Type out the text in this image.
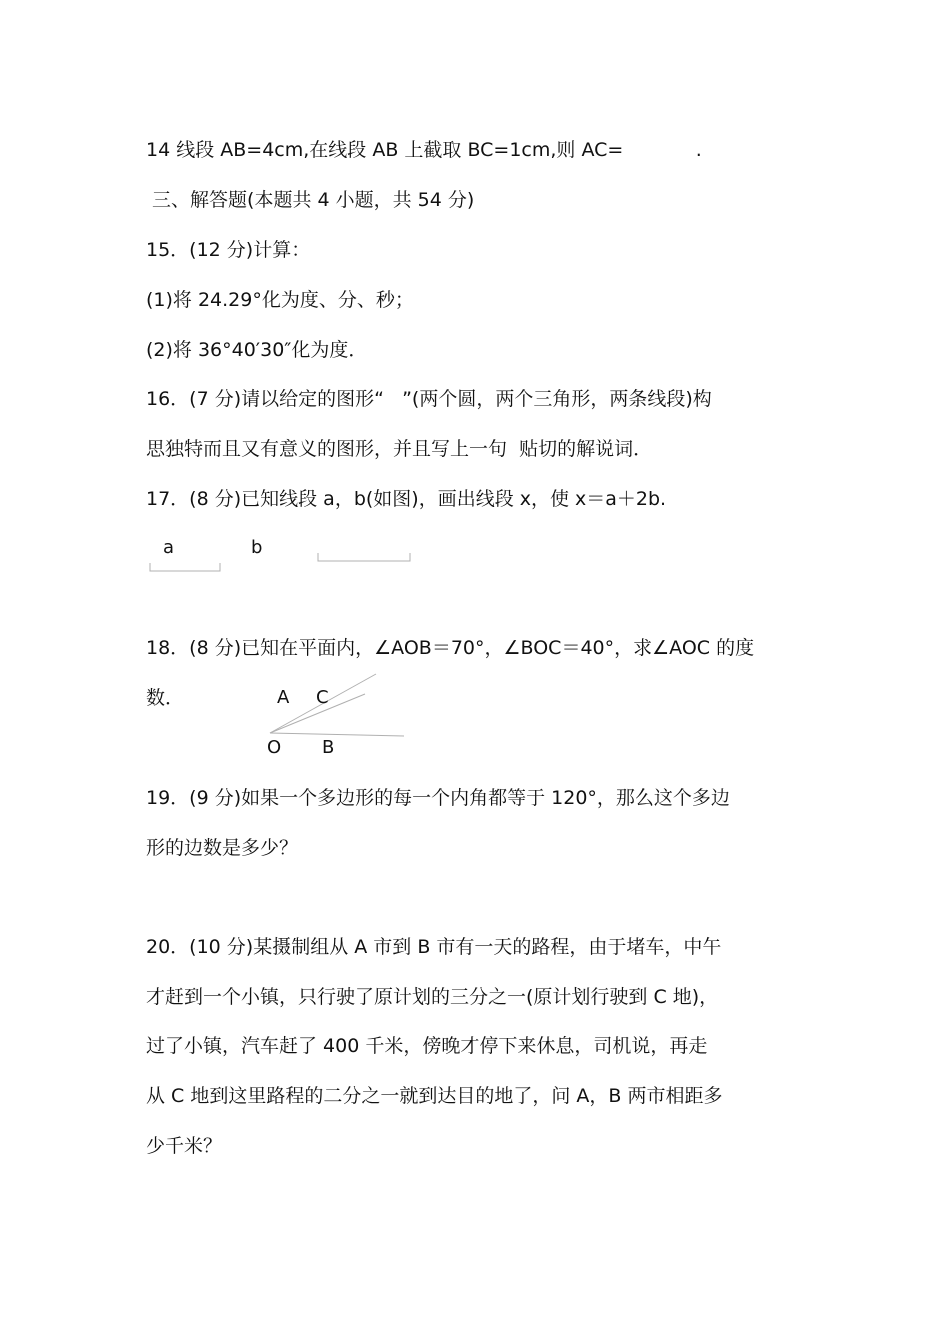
14 线段 AB=4cm,在线段 AB 上截取 BC=1cm,则 AC=            .

三、解答题(本题共 4 小题，共 54 分)

15．(12 分)计算：

(1)将 24.29°化为度、分、秒；

(2)将 36°40′30″化为度．

16．(7 分)请以给定的图形“   ”(两个圆，两个三角形，两条线段)构

思独特而且又有意义的图形，并且写上一句  贴切的解说词．

17．(8 分)已知线段 a，b(如图)，画出线段 x，使 x＝a＋2b.

a	b

18．(8 分)已知在平面内，∠AOB＝70°，∠BOC＝40°，求∠AOC 的度

数．	A C
O B

19．(9 分)如果一个多边形的每一个内角都等于 120°，那么这个多边

形的边数是多少？

20．(10 分)某摄制组从 A 市到 B 市有一天的路程，由于堵车，中午

才赶到一个小镇，只行驶了原计划的三分之一(原计划行驶到 C 地)，

过了小镇，汽车赶了 400 千米，傍晚才停下来休息，司机说，再走

从 C 地到这里路程的二分之一就到达目的地了，问 A，B 两市相距多

少千米？
